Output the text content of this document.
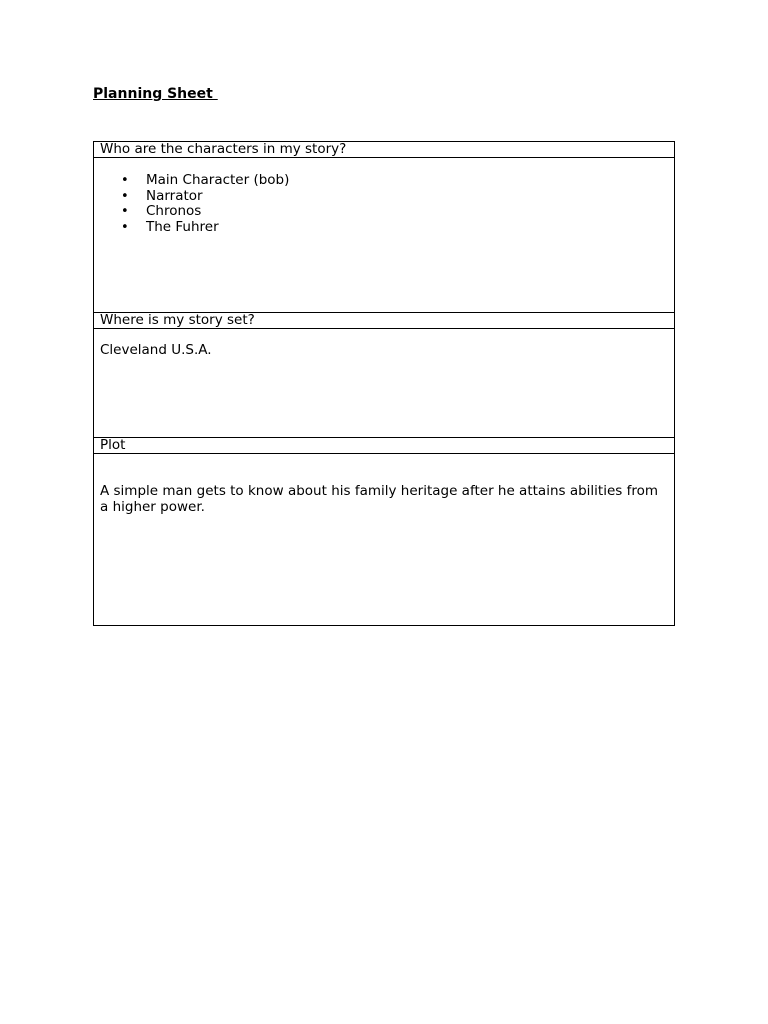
Planning Sheet
Who are the characters in my story?

• Main Character (bob)
• Narrator
• Chronos
• The Fuhrer

Where is my story set?

Cleveland U.S.A.

Plot

A simple man gets to know about his family heritage after he attains abilities from a higher power.
